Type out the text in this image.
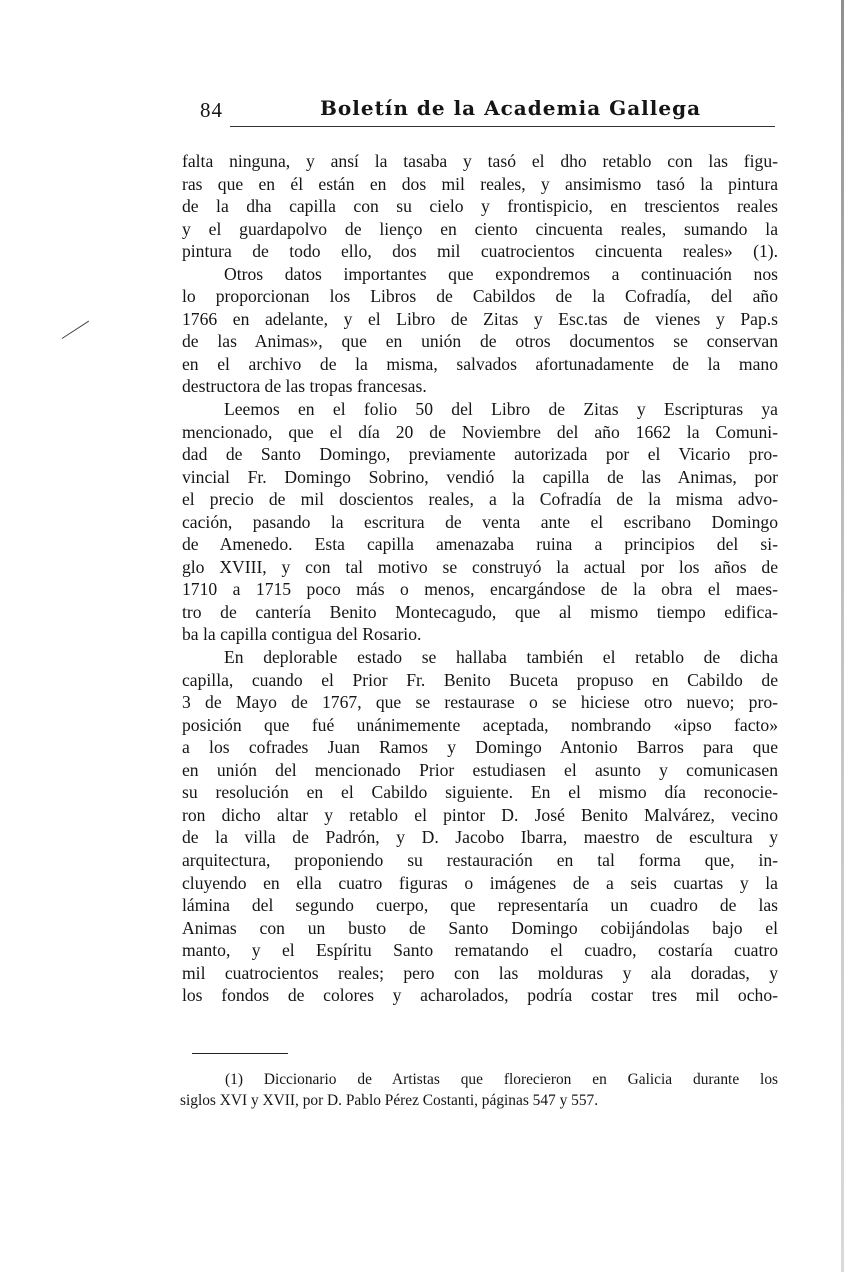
84	Boletín de la Academia Gallega
falta ninguna, y ansí la tasaba y tasó el dho retablo con las figu-
ras que en él están en dos mil reales, y ansimismo tasó la pintura
de la dha capilla con su cielo y frontispicio, en trescientos reales
y el guardapolvo de lienço en ciento cincuenta reales, sumando la
pintura de todo ello, dos mil cuatrocientos cincuenta reales» (1).
Otros datos importantes que expondremos a continuación nos
lo proporcionan los Libros de Cabildos de la Cofradía, del año
1766 en adelante, y el Libro de Zitas y Esc.tas de vienes y Pap.s
de las Animas», que en unión de otros documentos se conservan
en el archivo de la misma, salvados afortunadamente de la mano
destructora de las tropas francesas.
Leemos en el folio 50 del Libro de Zitas y Escripturas ya
mencionado, que el día 20 de Noviembre del año 1662 la Comuni-
dad de Santo Domingo, previamente autorizada por el Vicario pro-
vincial Fr. Domingo Sobrino, vendió la capilla de las Animas, por
el precio de mil doscientos reales, a la Cofradía de la misma advo-
cación, pasando la escritura de venta ante el escribano Domingo
de Amenedo. Esta capilla amenazaba ruina a principios del si-
glo XVIII, y con tal motivo se construyó la actual por los años de
1710 a 1715 poco más o menos, encargándose de la obra el maes-
tro de cantería Benito Montecagudo, que al mismo tiempo edifica-
ba la capilla contigua del Rosario.
En deplorable estado se hallaba también el retablo de dicha
capilla, cuando el Prior Fr. Benito Buceta propuso en Cabildo de
3 de Mayo de 1767, que se restaurase o se hiciese otro nuevo; pro-
posición que fué unánimemente aceptada, nombrando «ipso facto»
a los cofrades Juan Ramos y Domingo Antonio Barros para que
en unión del mencionado Prior estudiasen el asunto y comunicasen
su resolución en el Cabildo siguiente. En el mismo día reconocie-
ron dicho altar y retablo el pintor D. José Benito Malvárez, vecino
de la villa de Padrón, y D. Jacobo Ibarra, maestro de escultura y
arquitectura, proponiendo su restauración en tal forma que, in-
cluyendo en ella cuatro figuras o imágenes de a seis cuartas y la
lámina del segundo cuerpo, que representaría un cuadro de las
Animas con un busto de Santo Domingo cobijándolas bajo el
manto, y el Espíritu Santo rematando el cuadro, costaría cuatro
mil cuatrocientos reales; pero con las molduras y ala doradas, y
los fondos de colores y acharolados, podría costar tres mil ocho-
(1) Diccionario de Artistas que florecieron en Galicia durante los
siglos XVI y XVII, por D. Pablo Pérez Costanti, páginas 547 y 557.
